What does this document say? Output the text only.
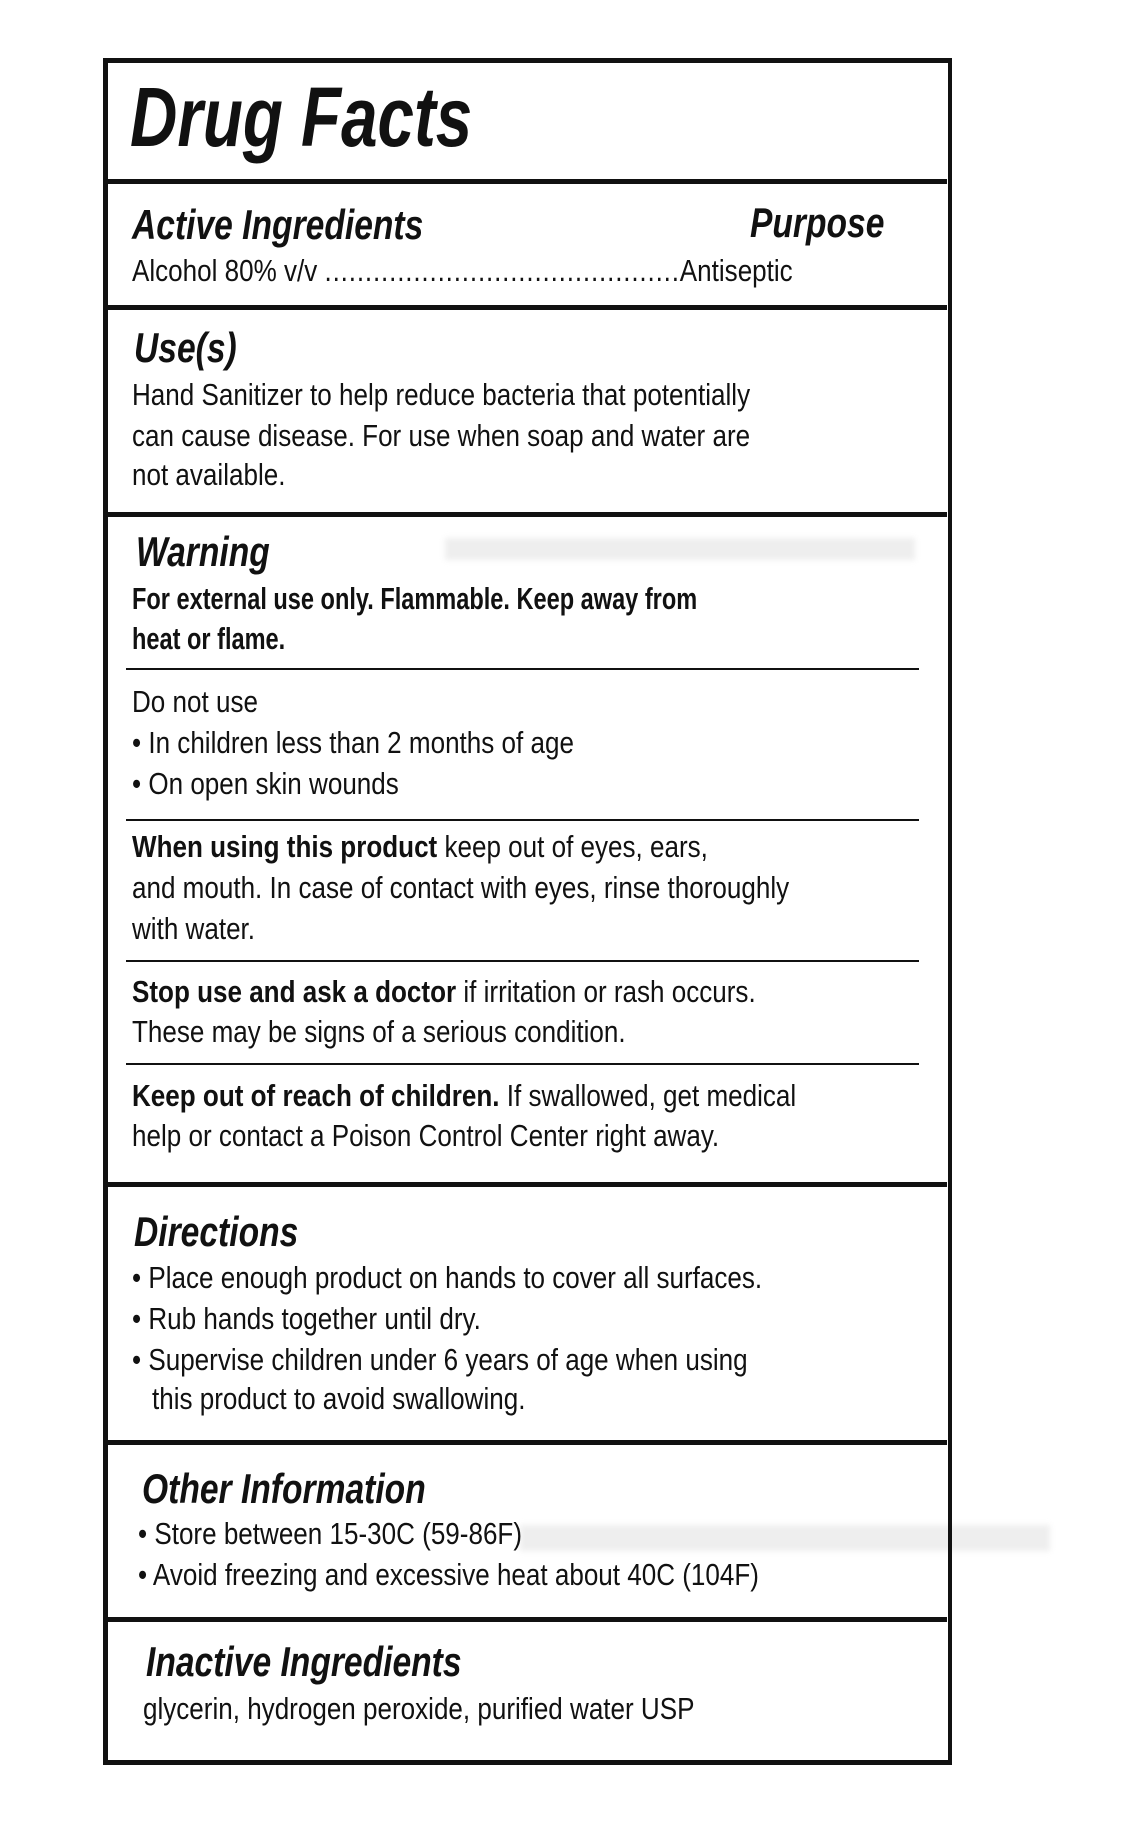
Drug Facts
Active Ingredients	Purpose
Alcohol 80% v/v ............................................Antiseptic
Use(s)
Hand Sanitizer to help reduce bacteria that potentially
can cause disease. For use when soap and water are
not available.
Warning
For external use only. Flammable. Keep away from
heat or flame.
Do not use
• In children less than 2 months of age
• On open skin wounds
When using this product keep out of eyes, ears,
and mouth. In case of contact with eyes, rinse thoroughly
with water.
Stop use and ask a doctor if irritation or rash occurs.
These may be signs of a serious condition.
Keep out of reach of children. If swallowed, get medical
help or contact a Poison Control Center right away.
Directions
• Place enough product on hands to cover all surfaces.
• Rub hands together until dry.
• Supervise children under 6 years of age when using
this product to avoid swallowing.
Other Information
• Store between 15-30C (59-86F)
• Avoid freezing and excessive heat about 40C (104F)
Inactive Ingredients
glycerin, hydrogen peroxide, purified water USP
